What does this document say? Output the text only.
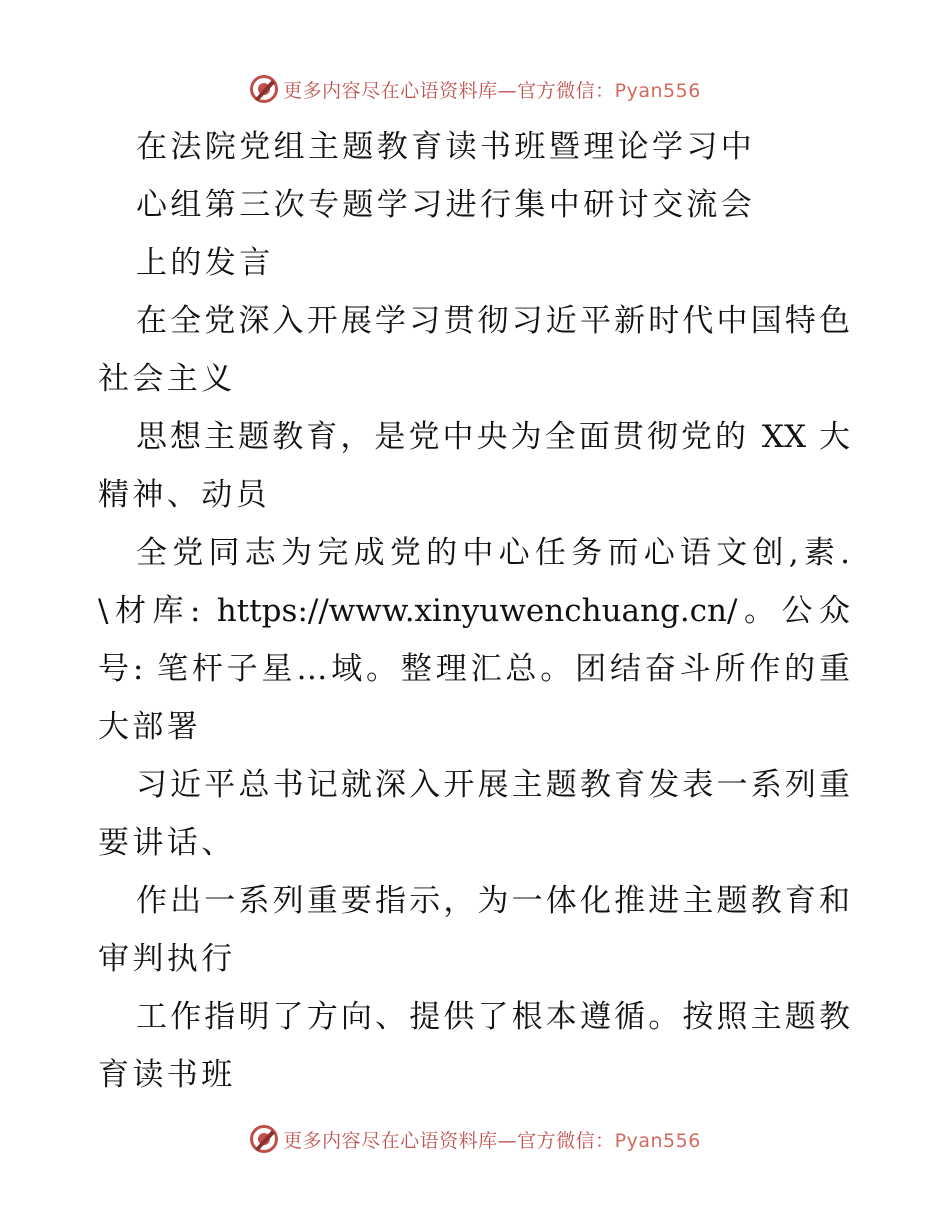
更多内容尽在心语资料库—官方微信：Pyan556
在法院党组主题教育读书班暨理论学习中
心组第三次专题学习进行集中研讨交流会
上的发言
在全党深入开展学习贯彻习近平新时代中国特色
社会主义
思想主题教育，是党中央为全面贯彻党的 XX 大
精神、动员
全党同志为完成党的中心任务而心语文创,素.
\材库: https://www.xinyuwenchuang.cn/。公众
号: 笔杆子星…域。整理汇总。团结奋斗所作的重
大部署
习近平总书记就深入开展主题教育发表一系列重
要讲话、
作出一系列重要指示，为一体化推进主题教育和
审判执行
工作指明了方向、提供了根本遵循。按照主题教
育读书班
更多内容尽在心语资料库—官方微信：Pyan556
